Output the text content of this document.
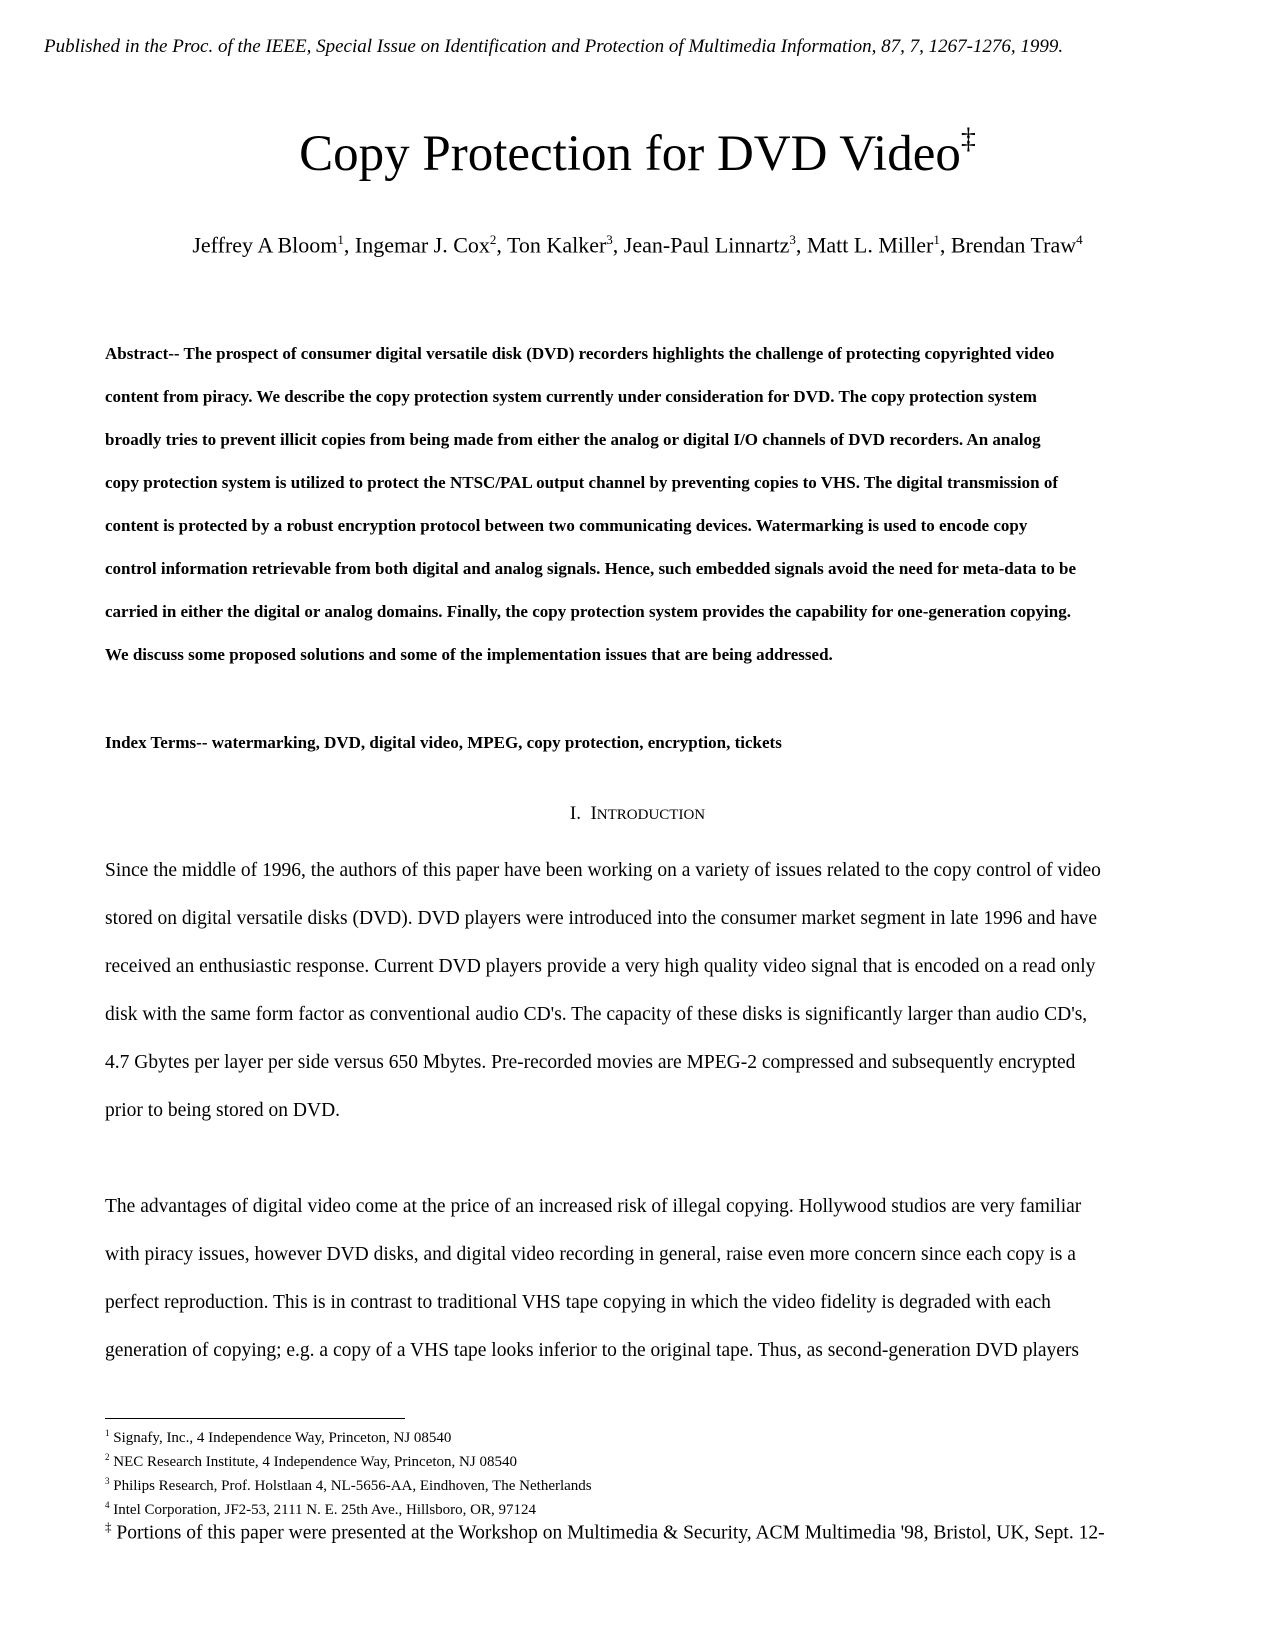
Published in the Proc. of the IEEE, Special Issue on Identification and Protection of Multimedia Information, 87, 7, 1267-1276, 1999.
Copy Protection for DVD Video‡
Jeffrey A Bloom$^1$, Ingemar J. Cox$^2$, Ton Kalker$^3$, Jean-Paul Linnartz$^3$, Matt L. Miller$^1$, Brendan Traw$^4$
Abstract-- The prospect of consumer digital versatile disk (DVD) recorders highlights the challenge of protecting copyrighted video
content from piracy. We describe the copy protection system currently under consideration for DVD. The copy protection system
broadly tries to prevent illicit copies from being made from either the analog or digital I/O channels of DVD recorders. An analog
copy protection system is utilized to protect the NTSC/PAL output channel by preventing copies to VHS. The digital transmission of
content is protected by a robust encryption protocol between two communicating devices. Watermarking is used to encode copy
control information retrievable from both digital and analog signals. Hence, such embedded signals avoid the need for meta-data to be
carried in either the digital or analog domains. Finally, the copy protection system provides the capability for one-generation copying.
We discuss some proposed solutions and some of the implementation issues that are being addressed.
Index Terms-- watermarking, DVD, digital video, MPEG, copy protection, encryption, tickets
I. INTRODUCTION
Since the middle of 1996, the authors of this paper have been working on a variety of issues related to the copy control of video
stored on digital versatile disks (DVD). DVD players were introduced into the consumer market segment in late 1996 and have
received an enthusiastic response. Current DVD players provide a very high quality video signal that is encoded on a read only
disk with the same form factor as conventional audio CD's. The capacity of these disks is significantly larger than audio CD's,
4.7 Gbytes per layer per side versus 650 Mbytes. Pre-recorded movies are MPEG-2 compressed and subsequently encrypted
prior to being stored on DVD.
The advantages of digital video come at the price of an increased risk of illegal copying. Hollywood studios are very familiar
with piracy issues, however DVD disks, and digital video recording in general, raise even more concern since each copy is a
perfect reproduction. This is in contrast to traditional VHS tape copying in which the video fidelity is degraded with each
generation of copying; e.g. a copy of a VHS tape looks inferior to the original tape. Thus, as second-generation DVD players
$^1$ Signafy, Inc., 4 Independence Way, Princeton, NJ 08540
$^2$ NEC Research Institute, 4 Independence Way, Princeton, NJ 08540
$^3$ Philips Research, Prof. Holstlaan 4, NL-5656-AA, Eindhoven, The Netherlands
$^4$ Intel Corporation, JF2-53, 2111 N. E. 25th Ave., Hillsboro, OR, 97124
‡ Portions of this paper were presented at the Workshop on Multimedia & Security, ACM Multimedia '98, Bristol, UK, Sept. 12-
